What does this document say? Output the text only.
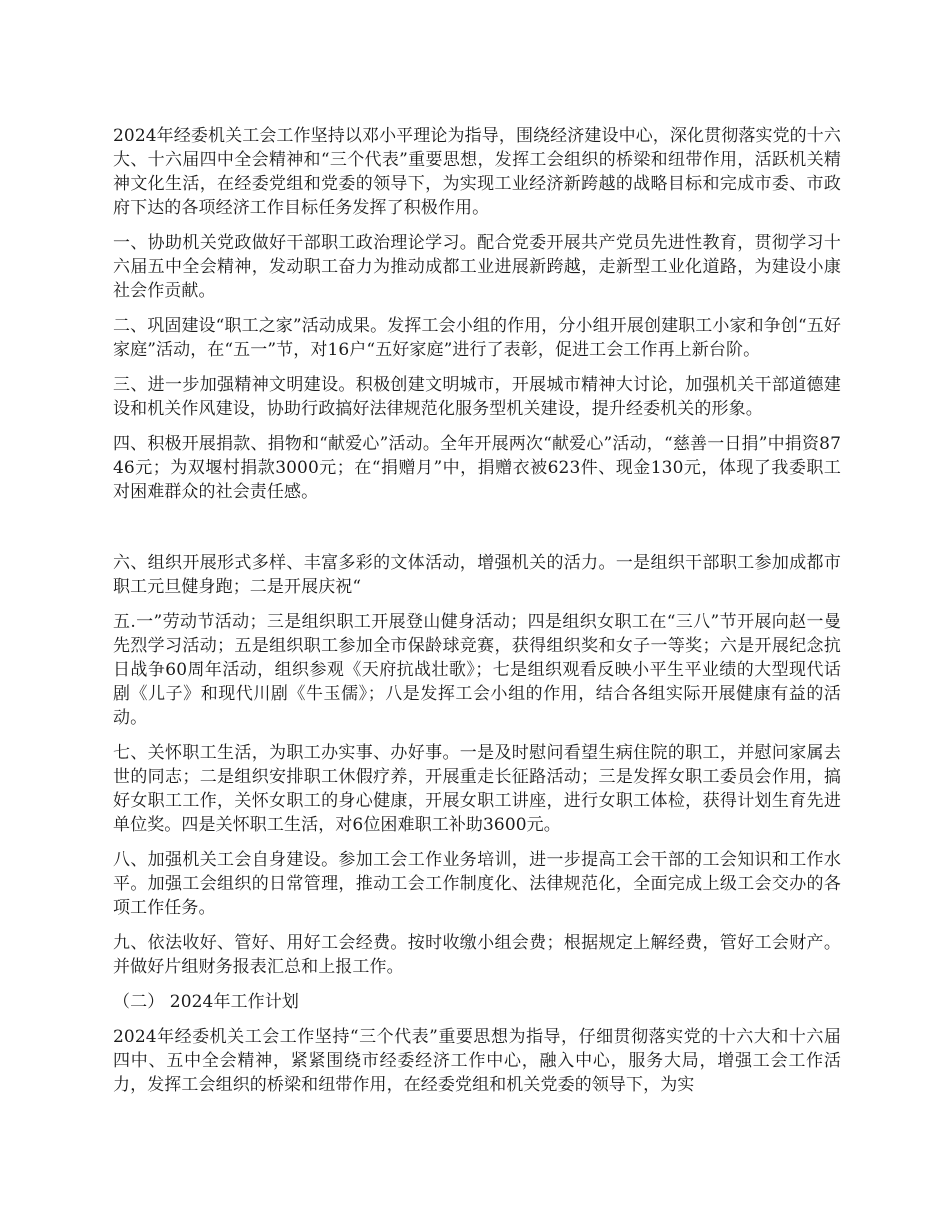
2024年经委机关工会工作坚持以邓小平理论为指导，围绕经济建设中心，深化贯彻落实党的十六大、十六届四中全会精神和“三个代表”重要思想，发挥工会组织的桥梁和纽带作用，活跃机关精神文化生活，在经委党组和党委的领导下，为实现工业经济新跨越的战略目标和完成市委、市政府下达的各项经济工作目标任务发挥了积极作用。

一、协助机关党政做好干部职工政治理论学习。配合党委开展共产党员先进性教育，贯彻学习十六届五中全会精神，发动职工奋力为推动成都工业进展新跨越，走新型工业化道路，为建设小康社会作贡献。

二、巩固建设“职工之家”活动成果。发挥工会小组的作用，分小组开展创建职工小家和争创“五好家庭”活动，在“五一”节，对16户“五好家庭”进行了表彰，促进工会工作再上新台阶。

三、进一步加强精神文明建设。积极创建文明城市，开展城市精神大讨论，加强机关干部道德建设和机关作风建设，协助行政搞好法律规范化服务型机关建设，提升经委机关的形象。

四、积极开展捐款、捐物和“献爱心”活动。全年开展两次“献爱心”活动，“慈善一日捐”中捐资8746元；为双堰村捐款3000元；在“捐赠月”中，捐赠衣被623件、现金130元，体现了我委职工对困难群众的社会责任感。

六、组织开展形式多样、丰富多彩的文体活动，增强机关的活力。一是组织干部职工参加成都市职工元旦健身跑；二是开展庆祝“

五.一”劳动节活动；三是组织职工开展登山健身活动；四是组织女职工在“三八”节开展向赵一曼先烈学习活动；五是组织职工参加全市保龄球竞赛，获得组织奖和女子一等奖；六是开展纪念抗日战争60周年活动，组织参观《天府抗战壮歌》；七是组织观看反映小平生平业绩的大型现代话剧《儿子》和现代川剧《牛玉儒》；八是发挥工会小组的作用，结合各组实际开展健康有益的活动。

七、关怀职工生活，为职工办实事、办好事。一是及时慰问看望生病住院的职工，并慰问家属去世的同志；二是组织安排职工休假疗养，开展重走长征路活动；三是发挥女职工委员会作用，搞好女职工工作，关怀女职工的身心健康，开展女职工讲座，进行女职工体检，获得计划生育先进单位奖。四是关怀职工生活，对6位困难职工补助3600元。

八、加强机关工会自身建设。参加工会工作业务培训，进一步提高工会干部的工会知识和工作水平。加强工会组织的日常管理，推动工会工作制度化、法律规范化，全面完成上级工会交办的各项工作任务。

九、依法收好、管好、用好工会经费。按时收缴小组会费；根据规定上解经费，管好工会财产。并做好片组财务报表汇总和上报工作。

（二） 2024年工作计划

2024年经委机关工会工作坚持“三个代表”重要思想为指导，仔细贯彻落实党的十六大和十六届四中、五中全会精神，紧紧围绕市经委经济工作中心，融入中心，服务大局，增强工会工作活力，发挥工会组织的桥梁和纽带作用，在经委党组和机关党委的领导下，为实
